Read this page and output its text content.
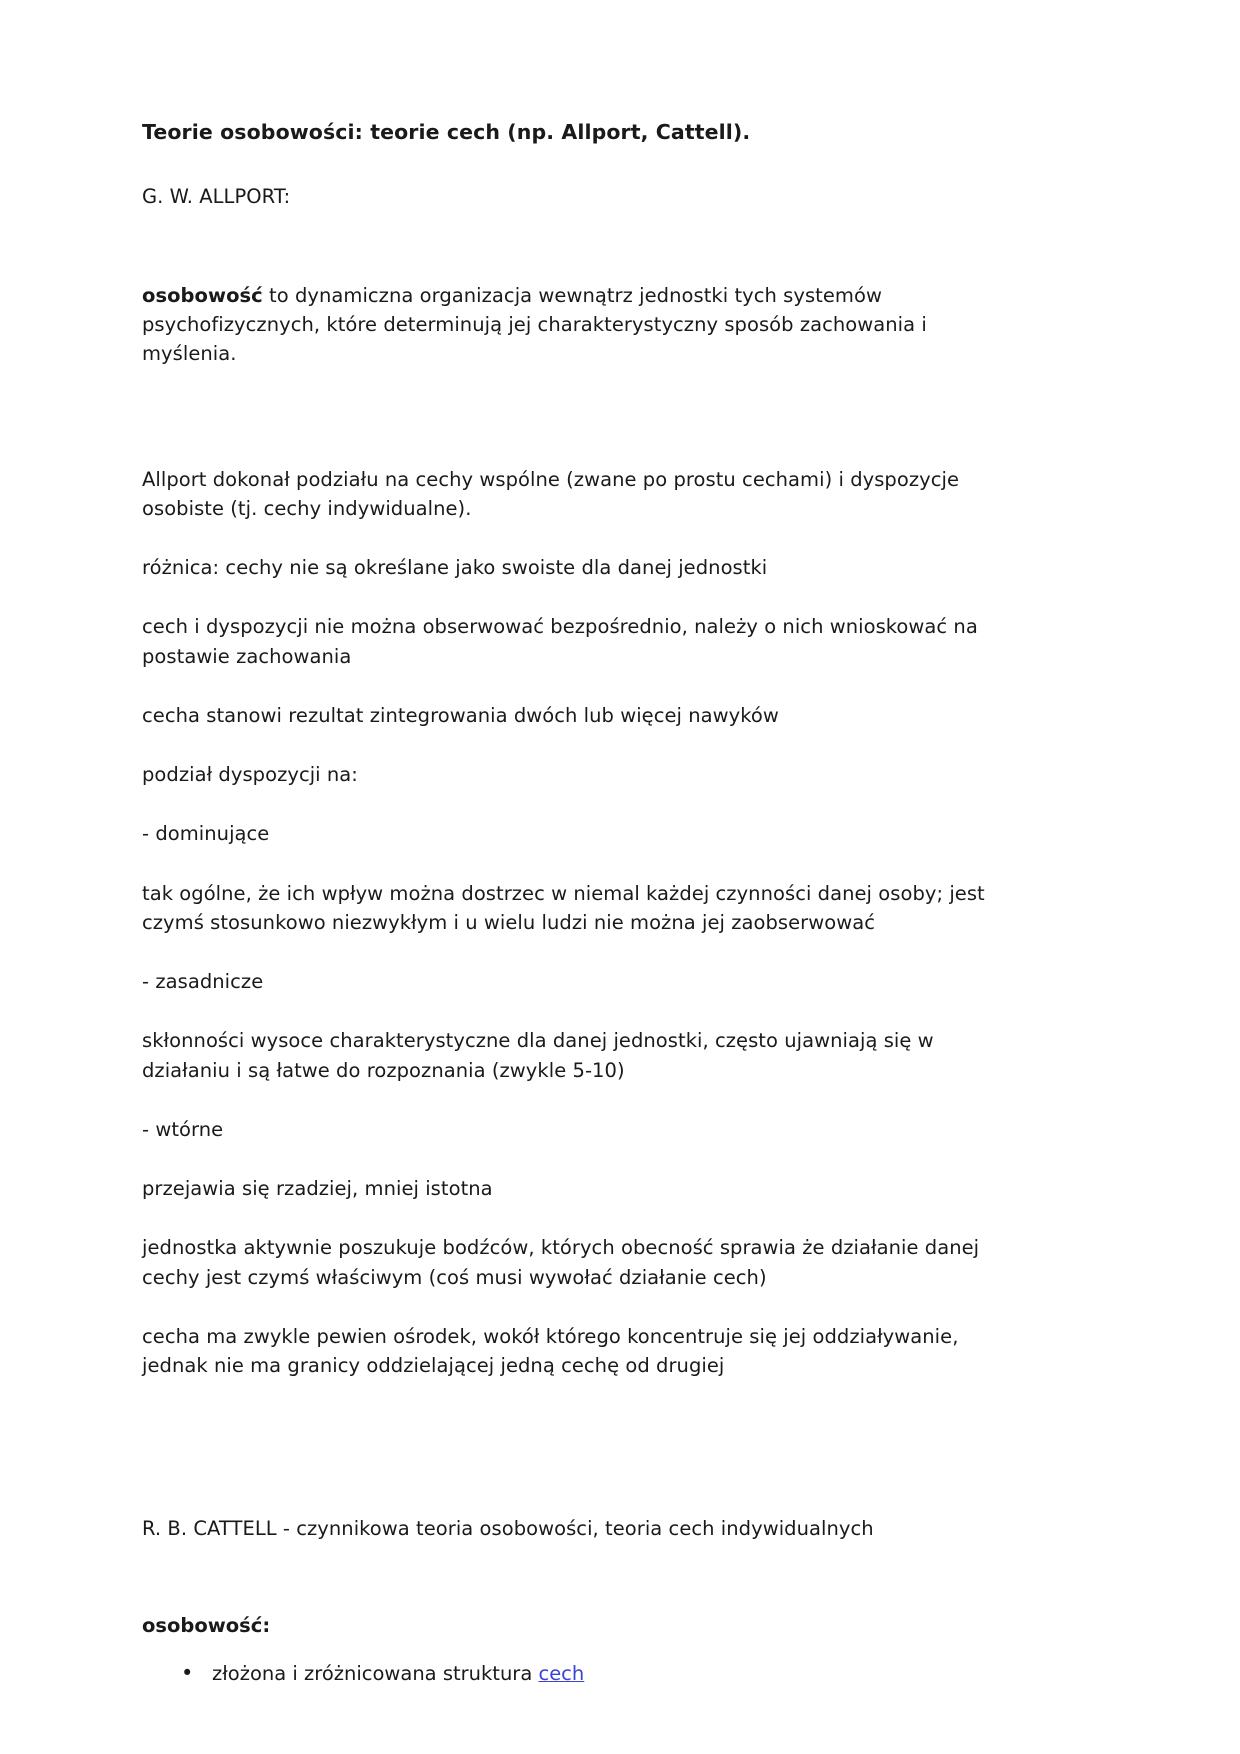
Teorie osobowości: teorie cech (np. Allport, Cattell).

G. W. ALLPORT:

osobowość to dynamiczna organizacja wewnątrz jednostki tych systemów psychofizycznych, które determinują jej charakterystyczny sposób zachowania i myślenia.

Allport dokonał podziału na cechy wspólne (zwane po prostu cechami) i dyspozycje osobiste (tj. cechy indywidualne).

różnica: cechy nie są określane jako swoiste dla danej jednostki

cech i dyspozycji nie można obserwować bezpośrednio, należy o nich wnioskować na postawie zachowania

cecha stanowi rezultat zintegrowania dwóch lub więcej nawyków

podział dyspozycji na:

- dominujące

tak ogólne, że ich wpływ można dostrzec w niemal każdej czynności danej osoby; jest czymś stosunkowo niezwykłym i u wielu ludzi nie można jej zaobserwować

- zasadnicze

skłonności wysoce charakterystyczne dla danej jednostki, często ujawniają się w działaniu i są łatwe do rozpoznania (zwykle 5-10)

- wtórne

przejawia się rzadziej, mniej istotna

jednostka aktywnie poszukuje bodźców, których obecność sprawia że działanie danej cechy jest czymś właściwym (coś musi wywołać działanie cech)

cecha ma zwykle pewien ośrodek, wokół którego koncentruje się jej oddziaływanie, jednak nie ma granicy oddzielającej jedną cechę od drugiej

R. B. CATTELL - czynnikowa teoria osobowości, teoria cech indywidualnych

osobowość:

• złożona i zróżnicowana struktura cech
